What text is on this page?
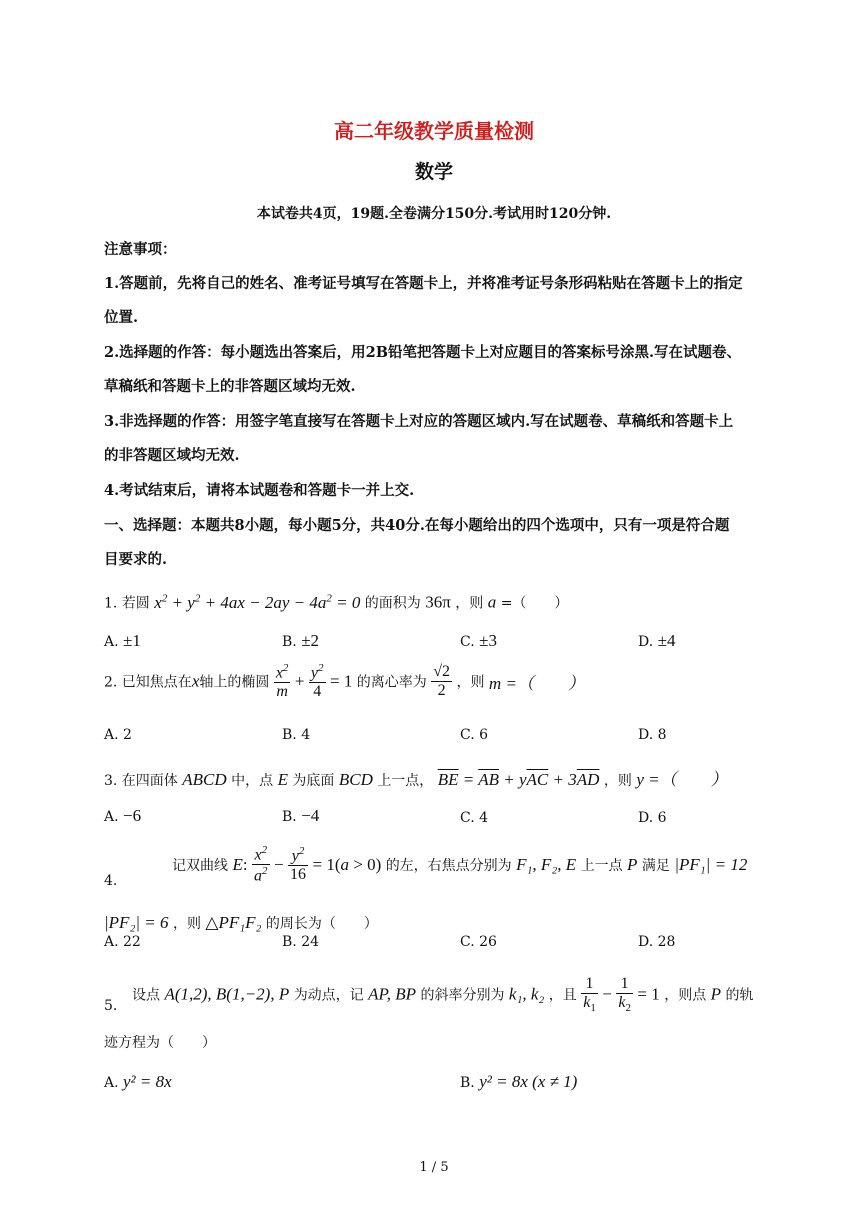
高二年级教学质量检测
数学
本试卷共4页，19题.全卷满分150分.考试用时120分钟.
注意事项：
1.答题前，先将自己的姓名、准考证号填写在答题卡上，并将准考证号条形码粘贴在答题卡上的指定
位置.
2.选择题的作答：每小题选出答案后，用2B铅笔把答题卡上对应题目的答案标号涂黑.写在试题卷、
草稿纸和答题卡上的非答题区域均无效.
3.非选择题的作答：用签字笔直接写在答题卡上对应的答题区域内.写在试题卷、草稿纸和答题卡上
的非答题区域均无效.
4.考试结束后，请将本试题卷和答题卡一并上交.
一、选择题：本题共8小题，每小题5分，共40分.在每小题给出的四个选项中，只有一项是符合题
目要求的.
1. 若圆 $x^2 + y^2 + 4ax - 2ay - 4a^2 = 0$ 的面积为 36π ，则 a =（　　）
A. ±1	B. ±2	C. ±3	D. ±4
2. 已知焦点在x轴上的椭圆 $\frac{x^2}{m} + \frac{y^2}{4} = 1$ 的离心率为 $\frac{√2}{2}$ ，则 m =（　　）
A. 2	B. 4	C. 6	D. 8
3. 在四面体 ABCD 中，点 E 为底面 BCD 上一点， $\overline{BE} = \overline{AB} + y\overline{AC} + 3\overline{AD}$ ，则 y =（　　）
A. −6	B. −4	C. 4	D. 6
4.
记双曲线 E: $\frac{x^2}{a^2} - \frac{y^2}{16} = 1(a > 0)$ 的左，右焦点分别为 F₁, F₂, E 上一点 P 满足 |PF₁| = 12
|PF₂| = 6 ，则 △PF₁F₂ 的周长为（　　）
A. 22	B. 24	C. 26	D. 28
5.
设点 A(1,2), B(1,−2), P 为动点，记 AP, BP 的斜率分别为 k₁, k₂ ，且 $\frac{1}{k_1} - \frac{1}{k_2} = 1$ ，则点 P 的轨
迹方程为（　　）
A. y² = 8x	B. y² = 8x (x ≠ 1)
1 / 5
